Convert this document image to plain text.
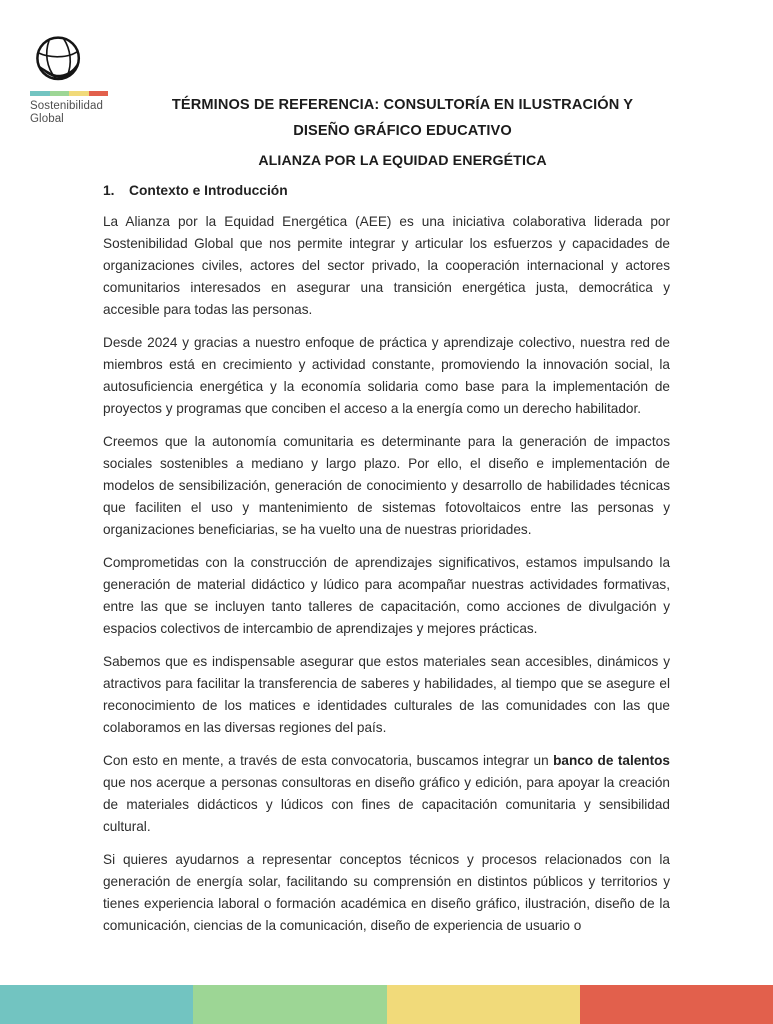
Sostenibilidad
Global
TÉRMINOS DE REFERENCIA: CONSULTORÍA EN ILUSTRACIÓN Y DISEÑO GRÁFICO EDUCATIVO
ALIANZA POR LA EQUIDAD ENERGÉTICA
1.	Contexto e Introducción

La Alianza por la Equidad Energética (AEE) es una iniciativa colaborativa liderada por Sostenibilidad Global que nos permite integrar y articular los esfuerzos y capacidades de organizaciones civiles, actores del sector privado, la cooperación internacional y actores comunitarios interesados en asegurar una transición energética justa, democrática y accesible para todas las personas.

Desde 2024 y gracias a nuestro enfoque de práctica y aprendizaje colectivo, nuestra red de miembros está en crecimiento y actividad constante, promoviendo la innovación social, la autosuficiencia energética y la economía solidaria como base para la implementación de proyectos y programas que conciben el acceso a la energía como un derecho habilitador.

Creemos que la autonomía comunitaria es determinante para la generación de impactos sociales sostenibles a mediano y largo plazo. Por ello, el diseño e implementación de modelos de sensibilización, generación de conocimiento y desarrollo de habilidades técnicas que faciliten el uso y mantenimiento de sistemas fotovoltaicos entre las personas y organizaciones beneficiarias, se ha vuelto una de nuestras prioridades.

Comprometidas con la construcción de aprendizajes significativos, estamos impulsando la generación de material didáctico y lúdico para acompañar nuestras actividades formativas, entre las que se incluyen tanto talleres de capacitación, como acciones de divulgación y espacios colectivos de intercambio de aprendizajes y mejores prácticas.

Sabemos que es indispensable asegurar que estos materiales sean accesibles, dinámicos y atractivos para facilitar la transferencia de saberes y habilidades, al tiempo que se asegure el reconocimiento de los matices e identidades culturales de las comunidades con las que colaboramos en las diversas regiones del país.

Con esto en mente, a través de esta convocatoria, buscamos integrar un banco de talentos que nos acerque a personas consultoras en diseño gráfico y edición, para apoyar la creación de materiales didácticos y lúdicos con fines de capacitación comunitaria y sensibilidad cultural.

Si quieres ayudarnos a representar conceptos técnicos y procesos relacionados con la generación de energía solar, facilitando su comprensión en distintos públicos y territorios y tienes experiencia laboral o formación académica en diseño gráfico, ilustración, diseño de la comunicación, ciencias de la comunicación, diseño de experiencia de usuario o
